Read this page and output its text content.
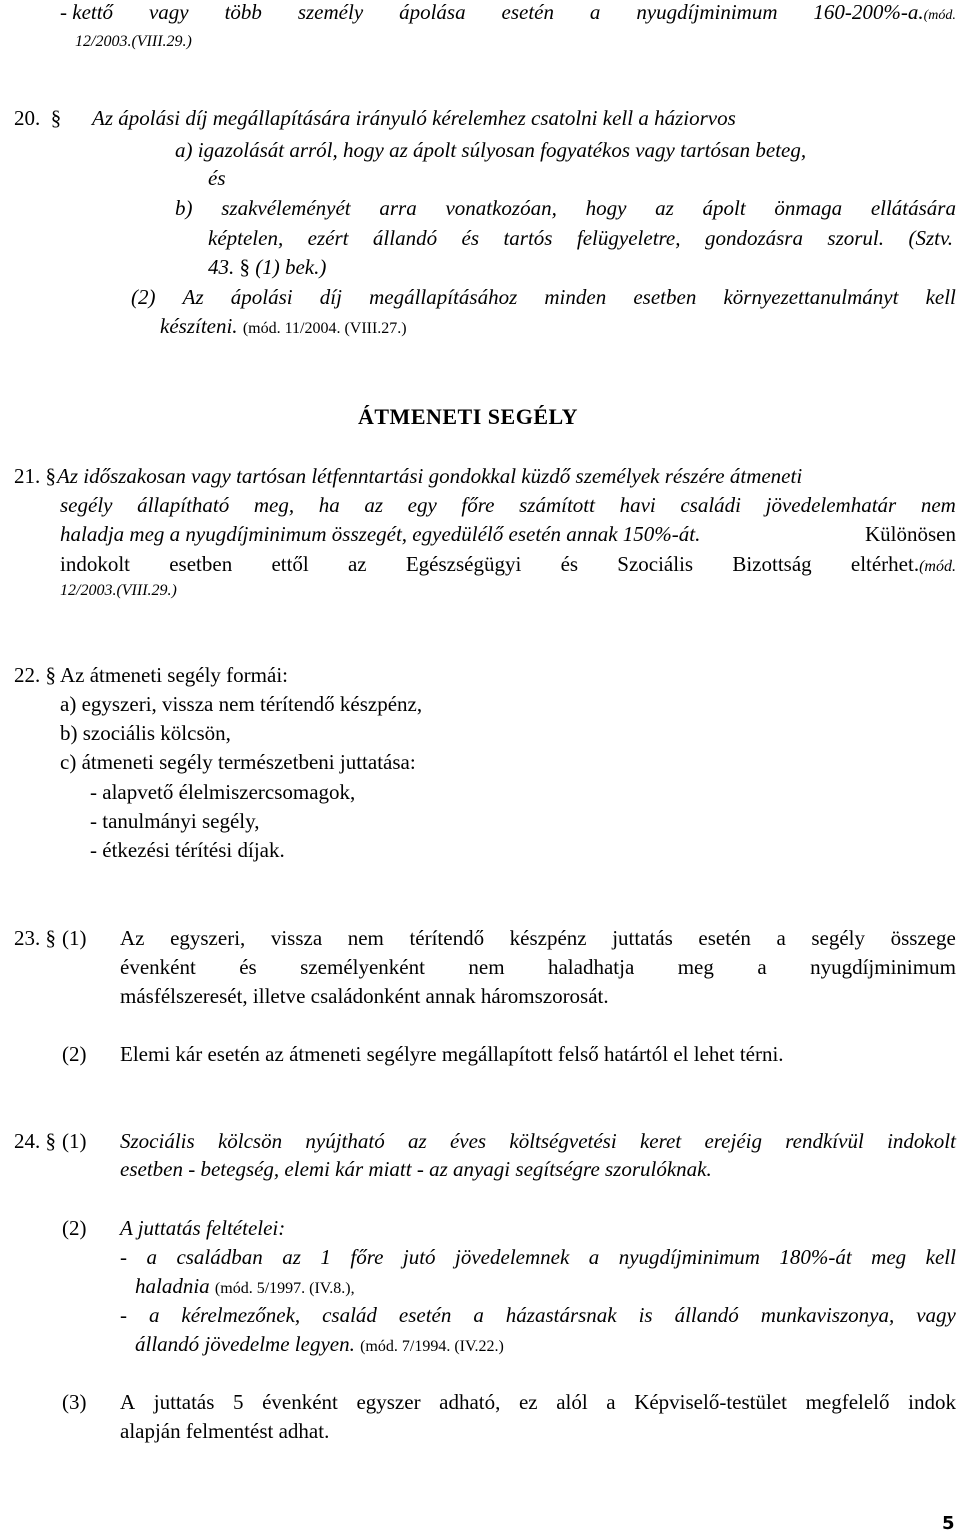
- kettő vagy több személy ápolása esetén a nyugdíjminimum 160-200%-a.(mód.
12/2003.(VIII.29.)
20. § Az ápolási díj megállapítására irányuló kérelemhez csatolni kell a háziorvos
a) igazolását arról, hogy az ápolt súlyosan fogyatékos vagy tartósan beteg,
és
b) szakvéleményét arra vonatkozóan, hogy az ápolt önmaga ellátására
képtelen, ezért állandó és tartós felügyeletre, gondozásra szorul. (Sztv.
43. § (1) bek.)
(2) Az ápolási díj megállapításához minden esetben környezettanulmányt kell
készíteni. (mód. 11/2004. (VIII.27.)
ÁTMENETI SEGÉLY
21. § Az időszakosan vagy tartósan létfenntartási gondokkal küzdő személyek részére átmeneti
segély állapítható meg, ha az egy főre számított havi családi jövedelemhatár nem
haladja meg a nyugdíjminimum összegét, egyedülélő esetén annak 150%-át.	Különösen
indokolt esetben ettől az Egészségügyi és Szociális Bizottság eltérhet.(mód.
12/2003.(VIII.29.)
22. § Az átmeneti segély formái:
a) egyszeri, vissza nem térítendő készpénz,
b) szociális kölcsön,
c) átmeneti segély természetbeni juttatása:
- alapvető élelmiszercsomagok,
- tanulmányi segély,
- étkezési térítési díjak.
23. § (1) Az egyszeri, vissza nem térítendő készpénz juttatás esetén a segély összege
évenként és személyenként nem haladhatja meg a nyugdíjminimum
másfélszeresét, illetve családonként annak háromszorosát.
(2) Elemi kár esetén az átmeneti segélyre megállapított felső határtól el lehet térni.
24. § (1) Szociális kölcsön nyújtható az éves költségvetési keret erejéig rendkívül indokolt
esetben - betegség, elemi kár miatt - az anyagi segítségre szorulóknak.
(2) A juttatás feltételei:
- a családban az 1 főre jutó jövedelemnek a nyugdíjminimum 180%-át meg kell
haladnia (mód. 5/1997. (IV.8.),
- a kérelmezőnek, család esetén a házastársnak is állandó munkaviszonya, vagy
állandó jövedelme legyen. (mód. 7/1994. (IV.22.)
(3) A juttatás 5 évenként egyszer adható, ez alól a Képviselő-testület megfelelő indok
alapján felmentést adhat.
5
